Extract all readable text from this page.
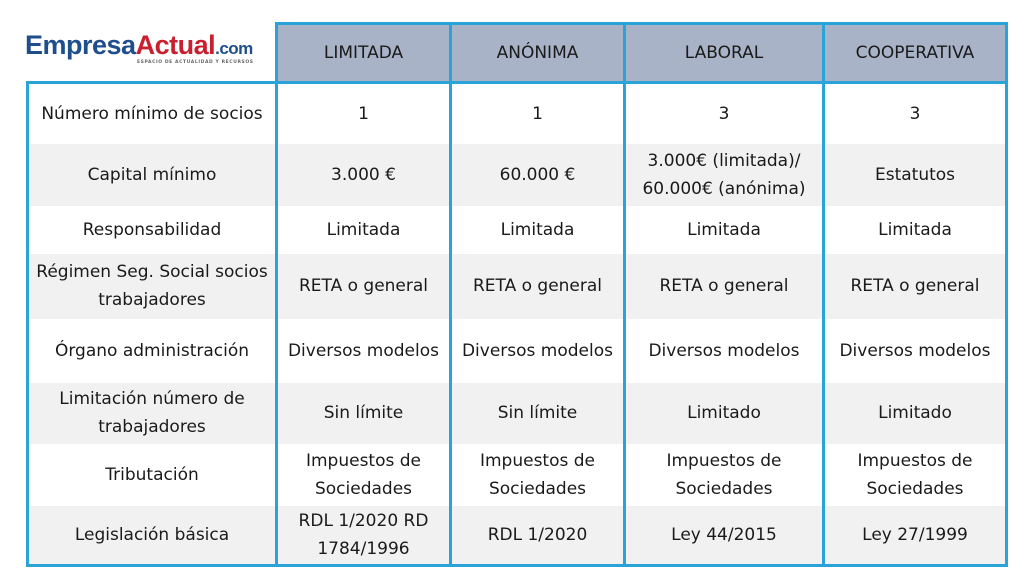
EmpresaActual.com
ESPACIO DE ACTUALIDAD Y RECURSOS
		LIMITADA	ANÓNIMA	LABORAL	COOPERATIVA
Número mínimo de socios	1	1	3	3
Capital mínimo	3.000 €	60.000 €	3.000€ (limitada)/ 60.000€ (anónima)	Estatutos
Responsabilidad	Limitada	Limitada	Limitada	Limitada
Régimen Seg. Social socios trabajadores	RETA o general	RETA o general	RETA o general	RETA o general
Órgano administración	Diversos modelos	Diversos modelos	Diversos modelos	Diversos modelos
Limitación número de trabajadores	Sin límite	Sin límite	Limitado	Limitado
Tributación	Impuestos de Sociedades	Impuestos de Sociedades	Impuestos de Sociedades	Impuestos de Sociedades
Legislación básica	RDL 1/2020 RD 1784/1996	RDL 1/2020	Ley 44/2015	Ley 27/1999
